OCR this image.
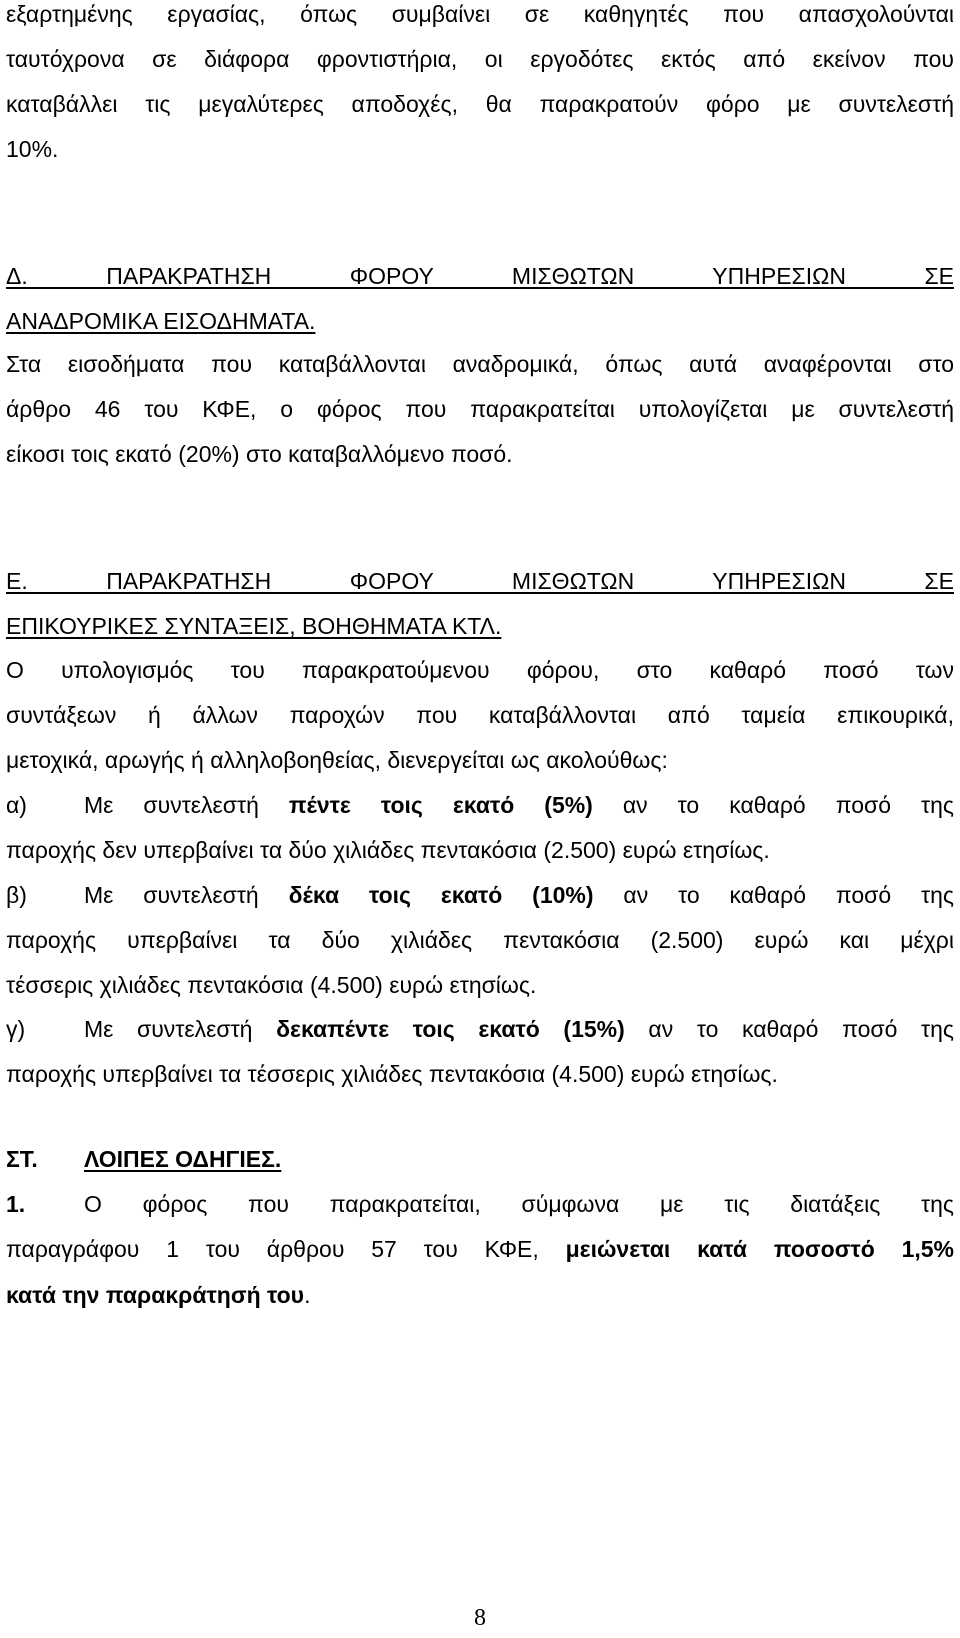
εξαρτημένης εργασίας, όπως συμβαίνει σε καθηγητές που απασχολούνται
ταυτόχρονα σε διάφορα φροντιστήρια, οι εργοδότες εκτός από εκείνον που
καταβάλλει τις μεγαλύτερες αποδοχές, θα παρακρατούν φόρο με συντελεστή
10%.
Δ. ΠΑΡΑΚΡΑΤΗΣΗ ΦΟΡΟΥ ΜΙΣΘΩΤΩΝ ΥΠΗΡΕΣΙΩΝ ΣΕ
ΑΝΑΔΡΟΜΙΚΑ ΕΙΣΟΔΗΜΑΤΑ.
Στα εισοδήματα που καταβάλλονται αναδρομικά, όπως αυτά αναφέρονται στο
άρθρο 46 του ΚΦΕ, ο φόρος που παρακρατείται υπολογίζεται με συντελεστή
είκοσι τοις εκατό (20%) στο καταβαλλόμενο ποσό.
Ε. ΠΑΡΑΚΡΑΤΗΣΗ ΦΟΡΟΥ ΜΙΣΘΩΤΩΝ ΥΠΗΡΕΣΙΩΝ ΣΕ
ΕΠΙΚΟΥΡΙΚΕΣ ΣΥΝΤΑΞΕΙΣ, ΒΟΗΘΗΜΑΤΑ ΚΤΛ.
Ο υπολογισμός του παρακρατούμενου φόρου, στο καθαρό ποσό των
συντάξεων ή άλλων παροχών που καταβάλλονται από ταμεία επικουρικά,
μετοχικά, αρωγής ή αλληλοβοηθείας, διενεργείται ως ακολούθως:
α) Με συντελεστή πέντε τοις εκατό (5%) αν το καθαρό ποσό της
παροχής δεν υπερβαίνει τα δύο χιλιάδες πεντακόσια (2.500) ευρώ ετησίως.
β) Με συντελεστή δέκα τοις εκατό (10%) αν το καθαρό ποσό της
παροχής υπερβαίνει τα δύο χιλιάδες πεντακόσια (2.500) ευρώ και μέχρι
τέσσερις χιλιάδες πεντακόσια (4.500) ευρώ ετησίως.
γ)	Με συντελεστή δεκαπέντε τοις εκατό (15%) αν το καθαρό ποσό της
παροχής υπερβαίνει τα τέσσερις χιλιάδες πεντακόσια (4.500) ευρώ ετησίως.
ΣΤ. ΛΟΙΠΕΣ ΟΔΗΓΙΕΣ.
1.	Ο φόρος που παρακρατείται, σύμφωνα με τις διατάξεις της
παραγράφου 1 του άρθρου 57 του ΚΦΕ, μειώνεται κατά ποσοστό 1,5%
κατά την παρακράτησή του.
8
